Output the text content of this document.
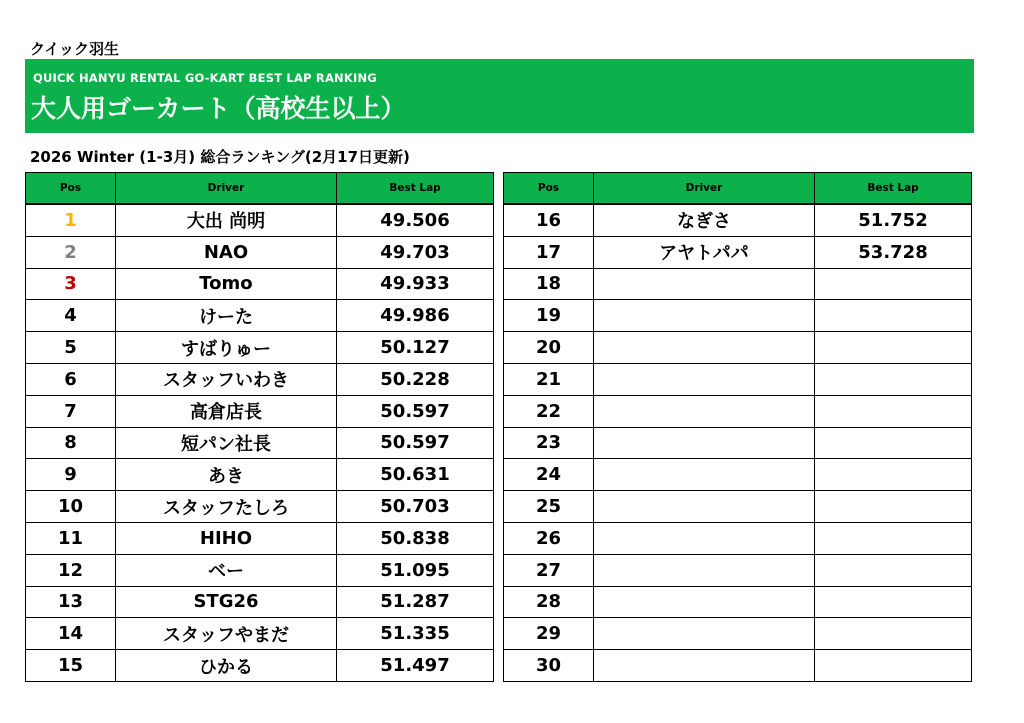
クイック羽生
QUICK HANYU RENTAL GO-KART BEST LAP RANKING
大人用ゴーカート（高校生以上）
2026 Winter (1-3月) 総合ランキング(2月17日更新)
Pos	Driver	Best Lap
1	大出 尚明	49.506
2	NAO	49.703
3	Tomo	49.933
4	けーた	49.986
5	すばりゅー	50.127
6	スタッフいわき	50.228
7	高倉店長	50.597
8	短パン社長	50.597
9	あき	50.631
10	スタッフたしろ	50.703
11	HIHO	50.838
12	ベー	51.095
13	STG26	51.287
14	スタッフやまだ	51.335
15	ひかる	51.497
Pos	Driver	Best Lap
16	なぎさ	51.752
17	アヤトパパ	53.728
18		
19		
20		
21		
22		
23		
24		
25		
26		
27		
28		
29		
30		
